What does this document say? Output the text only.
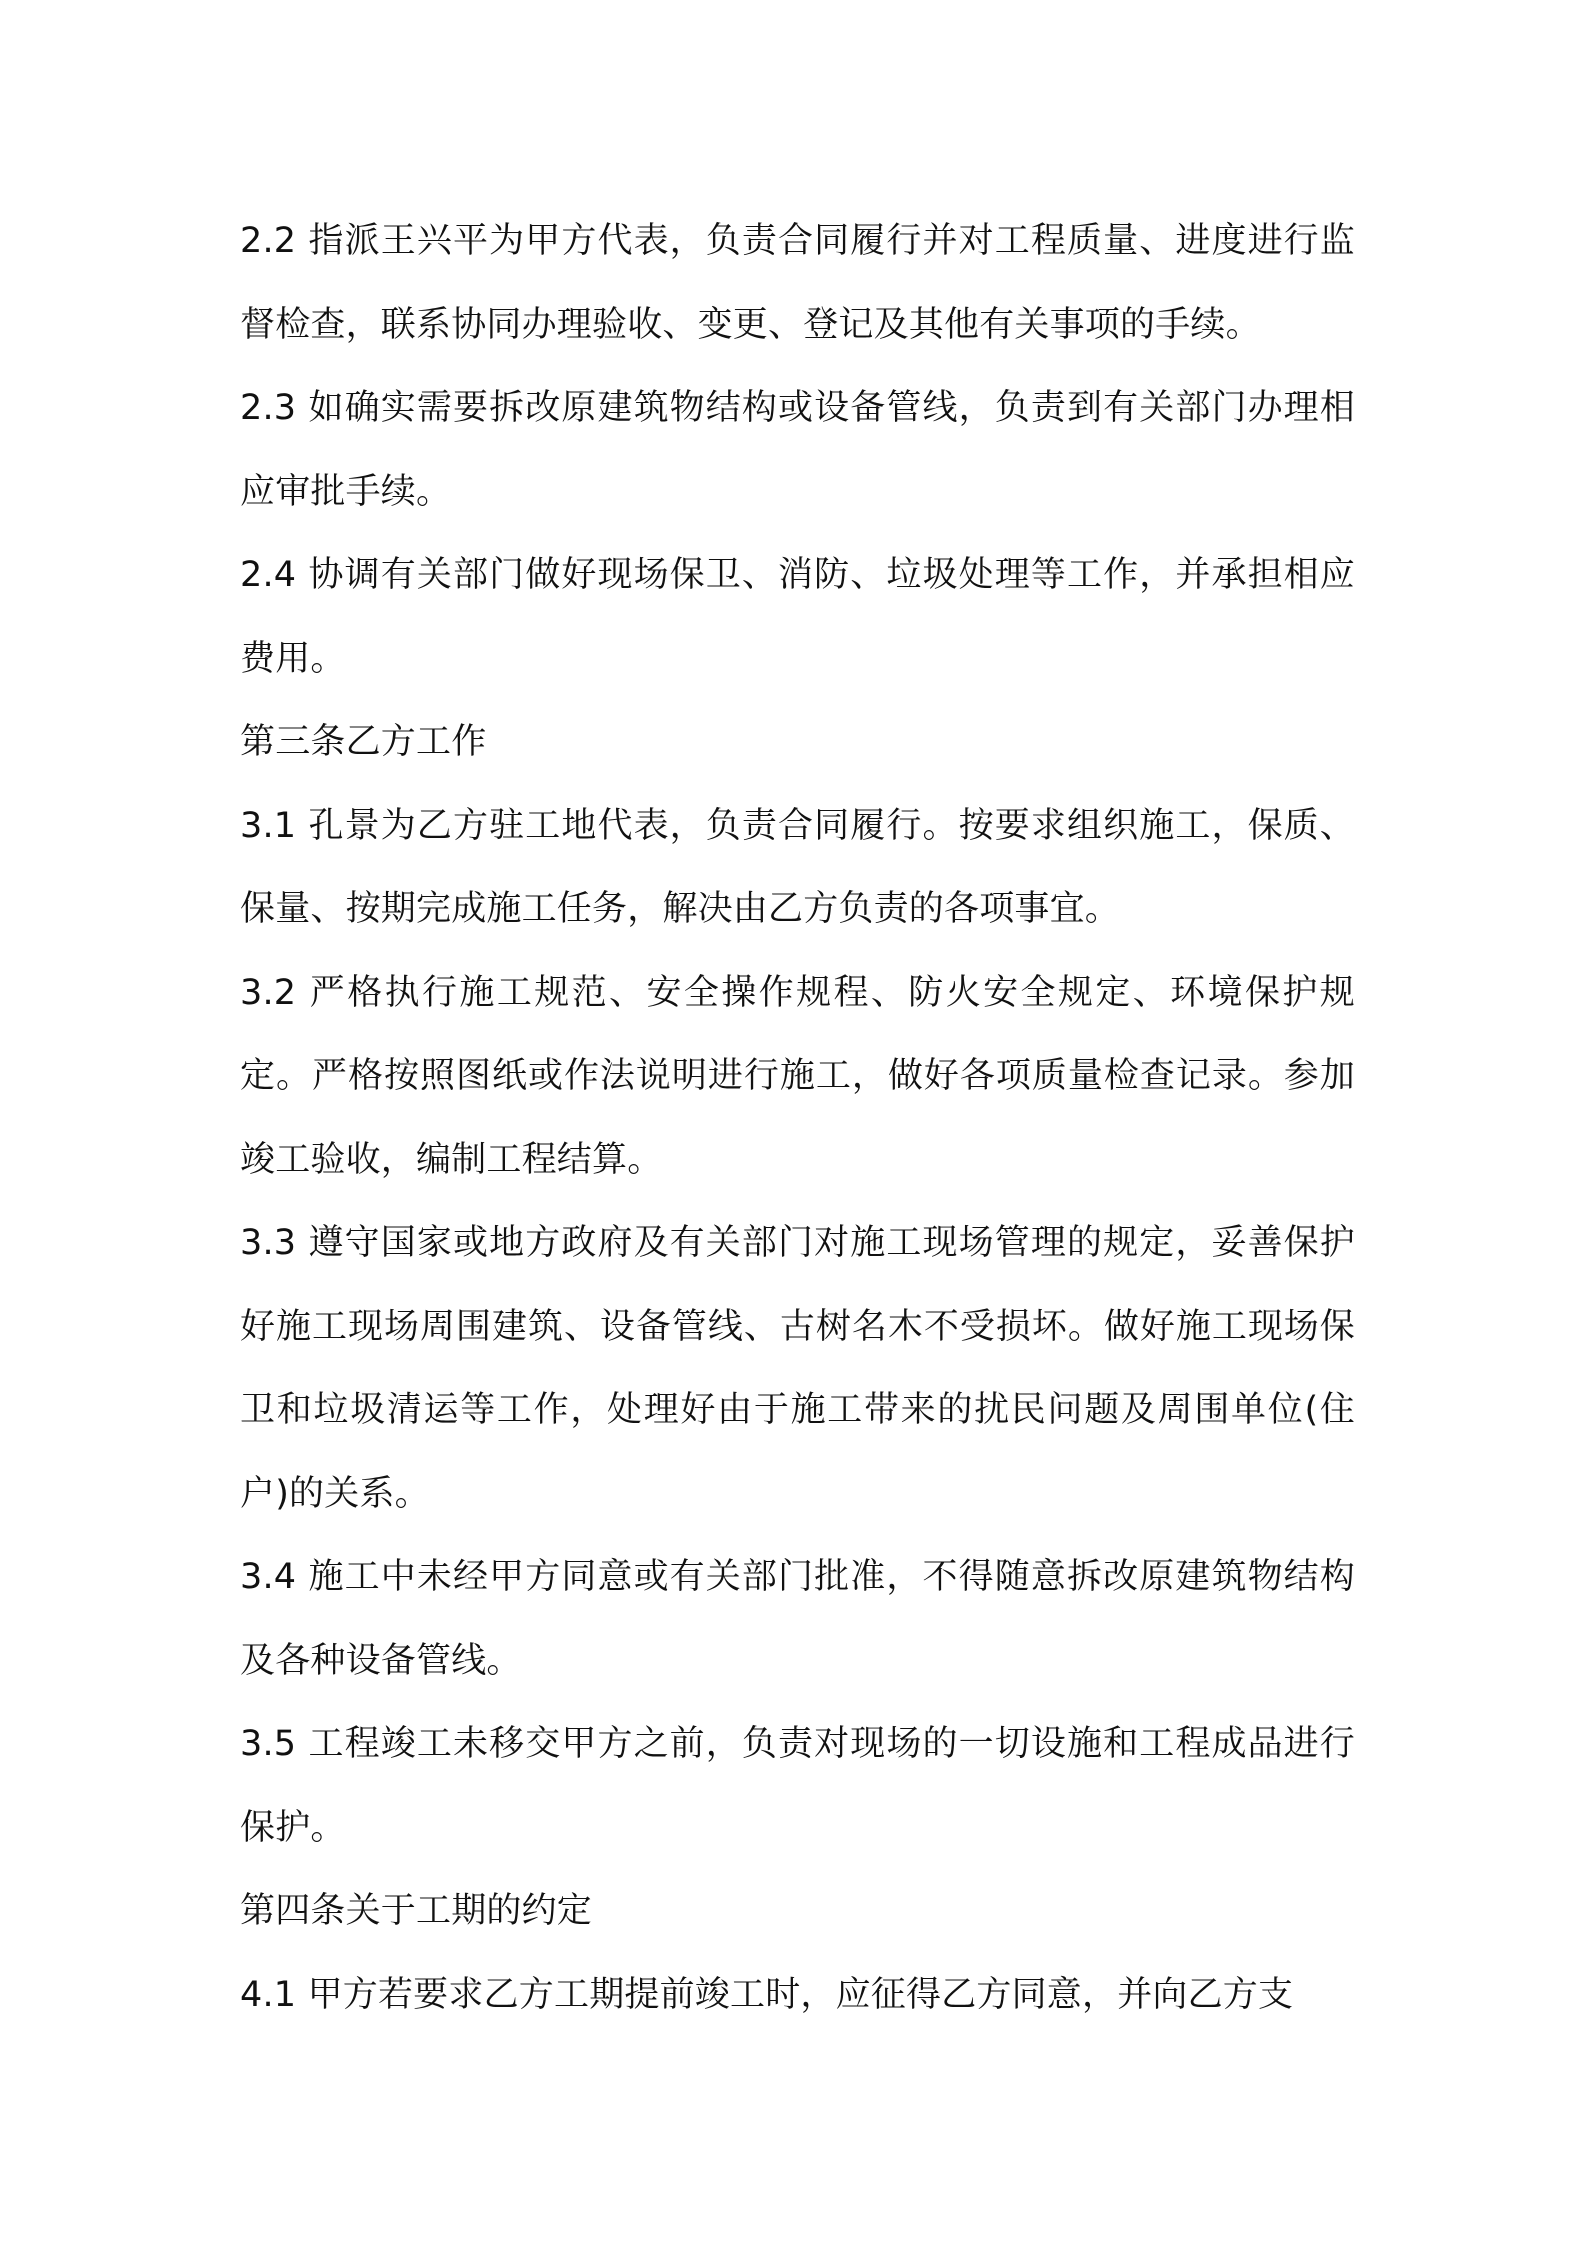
2.2 指派王兴平为甲方代表，负责合同履行并对工程质量、进度进行监督检查，联系协同办理验收、变更、登记及其他有关事项的手续。

2.3 如确实需要拆改原建筑物结构或设备管线，负责到有关部门办理相应审批手续。

2.4 协调有关部门做好现场保卫、消防、垃圾处理等工作，并承担相应费用。

第三条乙方工作

3.1 孔景为乙方驻工地代表，负责合同履行。按要求组织施工，保质、保量、按期完成施工任务，解决由乙方负责的各项事宜。

3.2 严格执行施工规范、安全操作规程、防火安全规定、环境保护规定。严格按照图纸或作法说明进行施工，做好各项质量检查记录。参加竣工验收，编制工程结算。

3.3 遵守国家或地方政府及有关部门对施工现场管理的规定，妥善保护好施工现场周围建筑、设备管线、古树名木不受损坏。做好施工现场保卫和垃圾清运等工作，处理好由于施工带来的扰民问题及周围单位(住户)的关系。

3.4 施工中未经甲方同意或有关部门批准，不得随意拆改原建筑物结构及各种设备管线。

3.5 工程竣工未移交甲方之前，负责对现场的一切设施和工程成品进行保护。

第四条关于工期的约定

4.1 甲方若要求乙方工期提前竣工时，应征得乙方同意，并向乙方支
